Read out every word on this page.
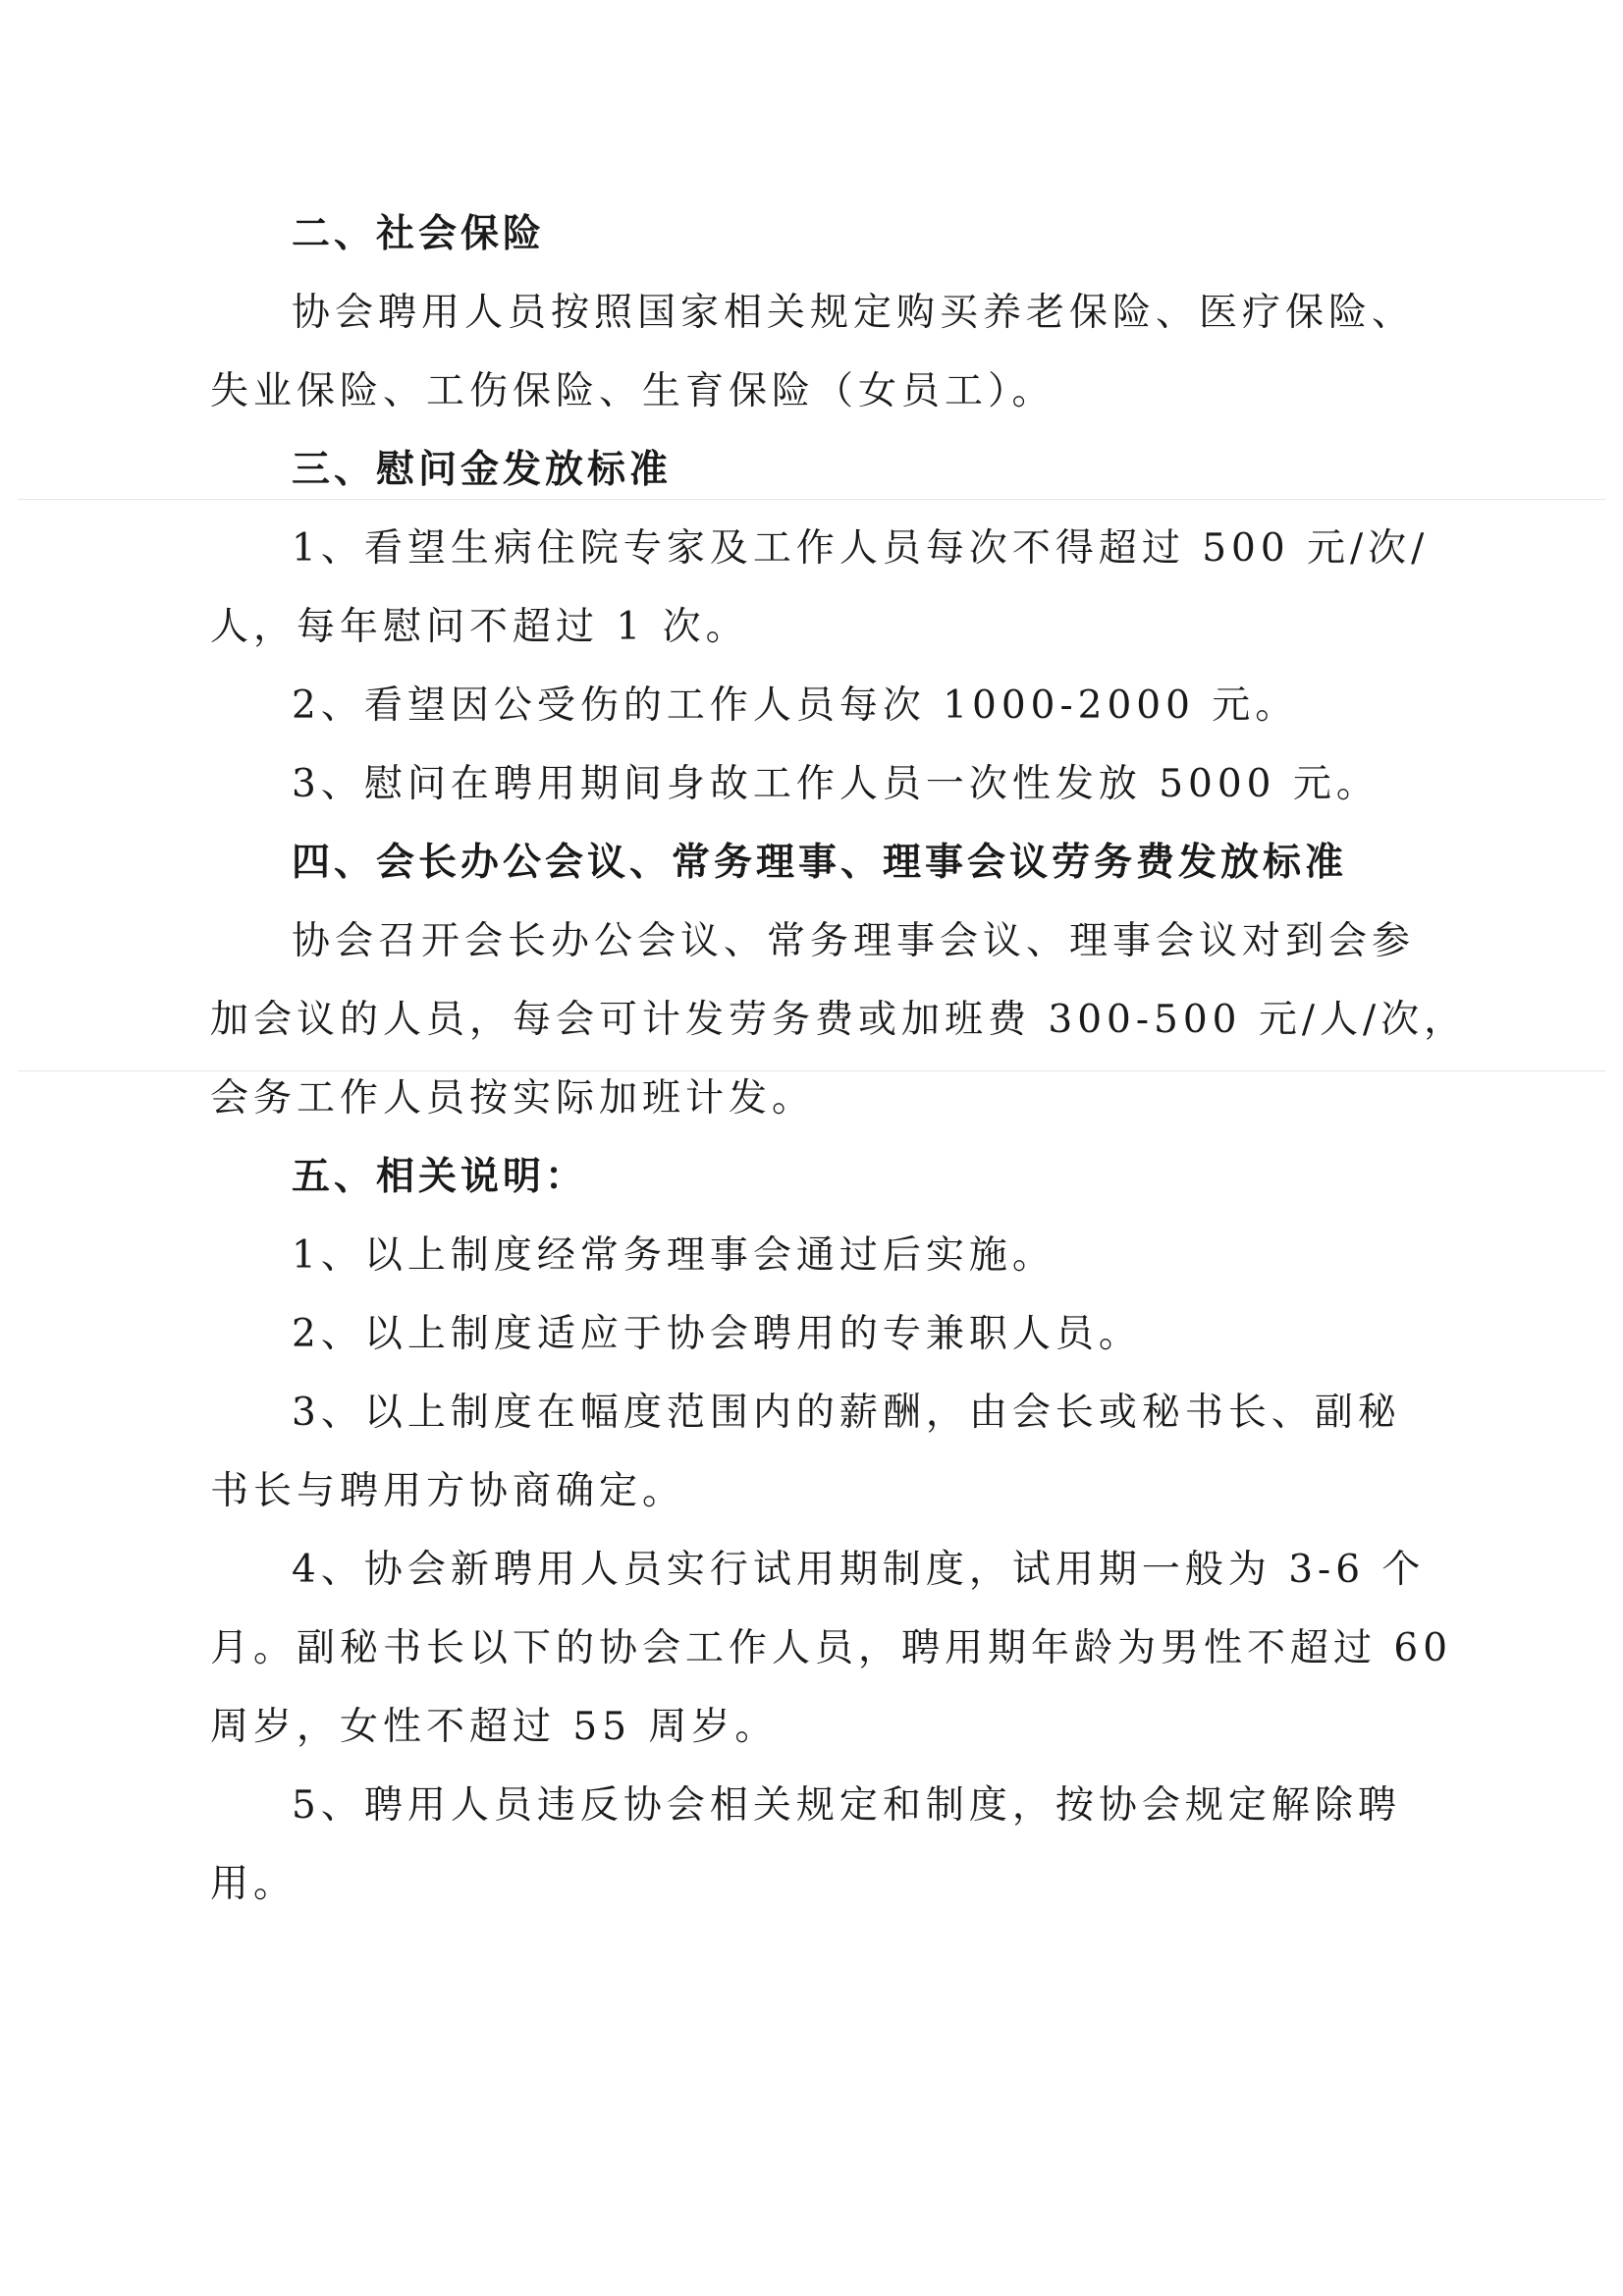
二、社会保险
协会聘用人员按照国家相关规定购买养老保险、医疗保险、
失业保险、工伤保险、生育保险（女员工）。
三、慰问金发放标准
1、看望生病住院专家及工作人员每次不得超过 500 元/次/
人，每年慰问不超过 1 次。
2、看望因公受伤的工作人员每次 1000-2000 元。
3、慰问在聘用期间身故工作人员一次性发放 5000 元。
四、会长办公会议、常务理事、理事会议劳务费发放标准
协会召开会长办公会议、常务理事会议、理事会议对到会参
加会议的人员，每会可计发劳务费或加班费 300-500 元/人/次，
会务工作人员按实际加班计发。
五、相关说明：
1、以上制度经常务理事会通过后实施。
2、以上制度适应于协会聘用的专兼职人员。
3、以上制度在幅度范围内的薪酬，由会长或秘书长、副秘
书长与聘用方协商确定。
4、协会新聘用人员实行试用期制度，试用期一般为 3-6 个
月。副秘书长以下的协会工作人员，聘用期年龄为男性不超过 60
周岁，女性不超过 55 周岁。
5、聘用人员违反协会相关规定和制度，按协会规定解除聘
用。
